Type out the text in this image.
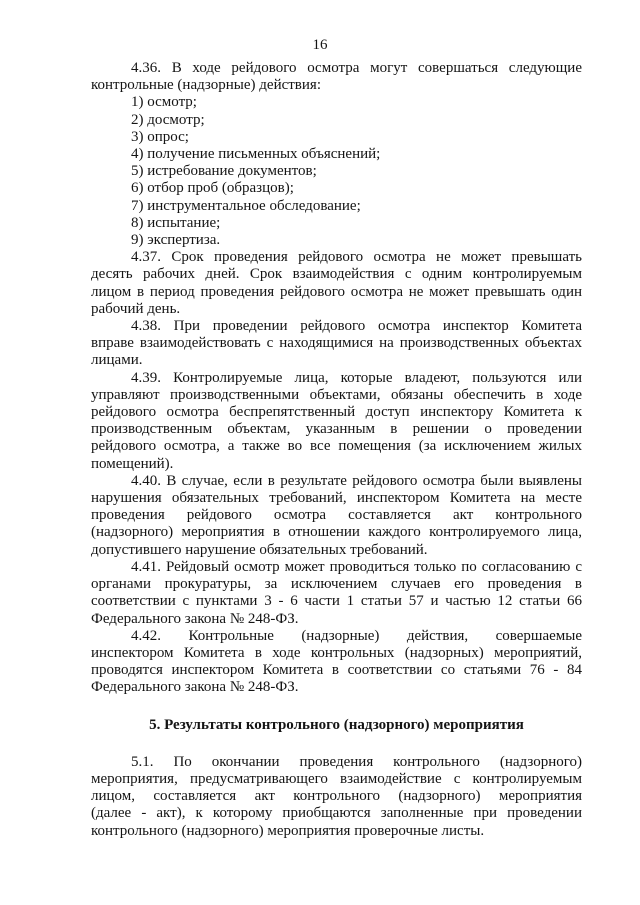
16

4.36. В ходе рейдового осмотра могут совершаться следующие

контрольные (надзорные) действия:

1) осмотр;

2) досмотр;

3) опрос;

4) получение письменных объяснений;

5) истребование документов;

6) отбор проб (образцов);

7) инструментальное обследование;

8) испытание;

9) экспертиза.

4.37. Срок проведения рейдового осмотра не может превышать

десять рабочих дней. Срок взаимодействия с одним контролируемым

лицом в период проведения рейдового осмотра не может превышать один

рабочий день.

4.38. При проведении рейдового осмотра инспектор Комитета

вправе взаимодействовать с находящимися на производственных объектах

лицами.

4.39. Контролируемые лица, которые владеют, пользуются или

управляют производственными объектами, обязаны обеспечить в ходе

рейдового осмотра беспрепятственный доступ инспектору Комитета к

производственным объектам, указанным в решении о проведении

рейдового осмотра, а также во все помещения (за исключением жилых

помещений).

4.40. В случае, если в результате рейдового осмотра были выявлены

нарушения обязательных требований, инспектором Комитета на месте

проведения рейдового осмотра составляется акт контрольного

(надзорного) мероприятия в отношении каждого контролируемого лица,

допустившего нарушение обязательных требований.

4.41. Рейдовый осмотр может проводиться только по согласованию с

органами прокуратуры, за исключением случаев его проведения в

соответствии с пунктами 3 - 6 части 1 статьи 57 и частью 12 статьи 66

Федерального закона № 248-ФЗ.

4.42. Контрольные (надзорные) действия, совершаемые

инспектором Комитета в ходе контрольных (надзорных) мероприятий,

проводятся инспектором Комитета в соответствии со статьями 76 - 84

Федерального закона № 248-ФЗ.

5. Результаты контрольного (надзорного) мероприятия

5.1. По окончании проведения контрольного (надзорного)

мероприятия, предусматривающего взаимодействие с контролируемым

лицом, составляется акт контрольного (надзорного) мероприятия

(далее - акт), к которому приобщаются заполненные при проведении

контрольного (надзорного) мероприятия проверочные листы.
